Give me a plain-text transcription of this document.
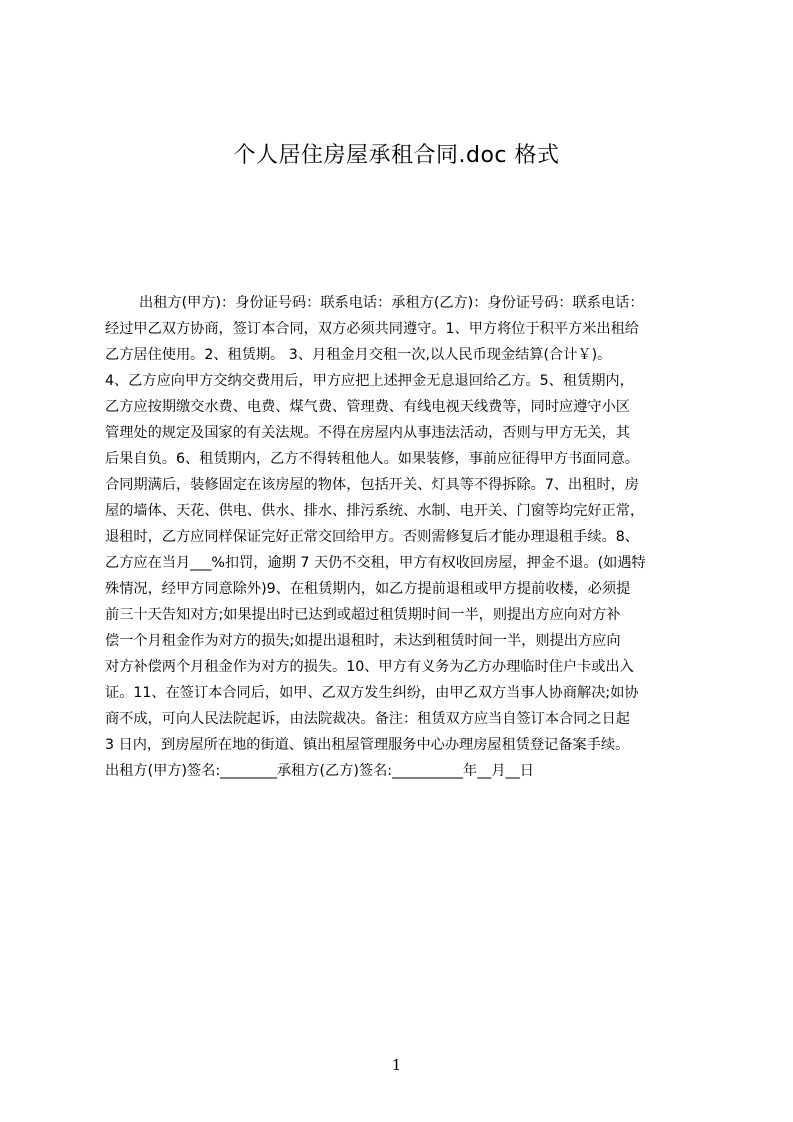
个人居住房屋承租合同.doc 格式
出租方(甲方)：身份证号码：联系电话：承租方(乙方)：身份证号码：联系电话：
经过甲乙双方协商，签订本合同，双方必须共同遵守。1、甲方将位于积平方米出租给
乙方居住使用。2、租赁期。 3、月租金月交租一次,以人民币现金结算(合计￥)。
4、乙方应向甲方交纳交费用后，甲方应把上述押金无息退回给乙方。5、租赁期内，
乙方应按期缴交水费、电费、煤气费、管理费、有线电视天线费等，同时应遵守小区
管理处的规定及国家的有关法规。不得在房屋内从事违法活动，否则与甲方无关，其
后果自负。6、租赁期内，乙方不得转租他人。如果装修，事前应征得甲方书面同意。
合同期满后，装修固定在该房屋的物体，包括开关、灯具等不得拆除。7、出租时，房
屋的墙体、天花、供电、供水、排水、排污系统、水制、电开关、门窗等均完好正常，
退租时，乙方应同样保证完好正常交回给甲方。否则需修复后才能办理退租手续。8、
乙方应在当月___%扣罚，逾期 7 天仍不交租，甲方有权收回房屋，押金不退。(如遇特
殊情况，经甲方同意除外)9、在租赁期内，如乙方提前退租或甲方提前收楼，必须提
前三十天告知对方;如果提出时已达到或超过租赁期时间一半，则提出方应向对方补
偿一个月租金作为对方的损失;如提出退租时，未达到租赁时间一半，则提出方应向
对方补偿两个月租金作为对方的损失。10、甲方有义务为乙方办理临时住户卡或出入
证。11、在签订本合同后，如甲、乙双方发生纠纷，由甲乙双方当事人协商解决;如协
商不成，可向人民法院起诉，由法院裁决。备注：租赁双方应当自签订本合同之日起
3 日内，到房屋所在地的街道、镇出租屋管理服务中心办理房屋租赁登记备案手续。
出租方(甲方)签名:________承租方(乙方)签名:__________年__月__日
1
